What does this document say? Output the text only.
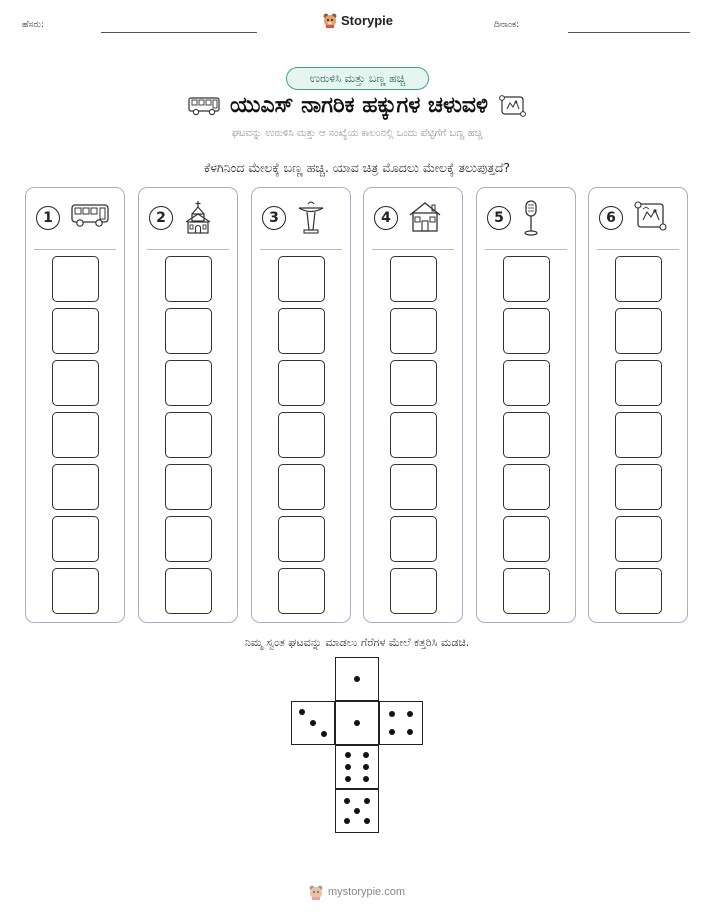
ಹೆಸರು:	Storypie	ದಿನಾಂಕ:
ಉರುಳಿಸಿ ಮತ್ತು ಬಣ್ಣ ಹಚ್ಚಿ
ಯುಎಸ್ ನಾಗರಿಕ ಹಕ್ಕುಗಳ ಚಳುವಳಿ
ಘಟವನ್ನು ಉರುಳಿಸಿ ಮತ್ತು ಆ ಸಂಖ್ಯೆಯ ಕಾಲಂನಲ್ಲಿ ಒಂದು ಪೆಟ್ಟಿಗೆಗೆ ಬಣ್ಣ ಹಚ್ಚಿ
ಕೆಳಗಿನಿಂದ ಮೇಲಕ್ಕೆ ಬಣ್ಣ ಹಚ್ಚಿ. ಯಾವ ಚಿತ್ರ ಮೊದಲು ಮೇಲಕ್ಕೆ ತಲುಪುತ್ತದೆ?
1	2	3	4	5	6
ನಿಮ್ಮ ಸ್ವಂತ ಘಟವನ್ನು ಮಾಡಲು ಗೆರೆಗಳ ಮೇಲೆ ಕತ್ತರಿಸಿ ಮಡಚಿ.
mystorypie.com
